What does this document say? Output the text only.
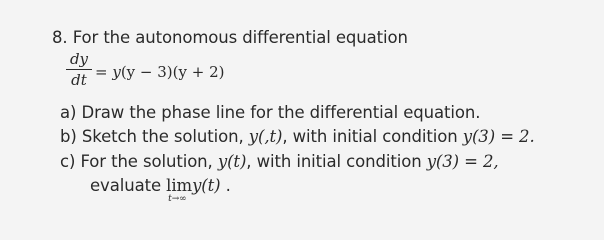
8. For the autonomous differential equation
dy
dt = y(y − 3)(y + 2)
a) Draw the phase line for the differential equation.
b) Sketch the solution, y(,t), with initial condition y(3) = 2.
c) For the solution, y(t), with initial condition y(3) = 2,
evaluate lim
t→∞
y(t) .
